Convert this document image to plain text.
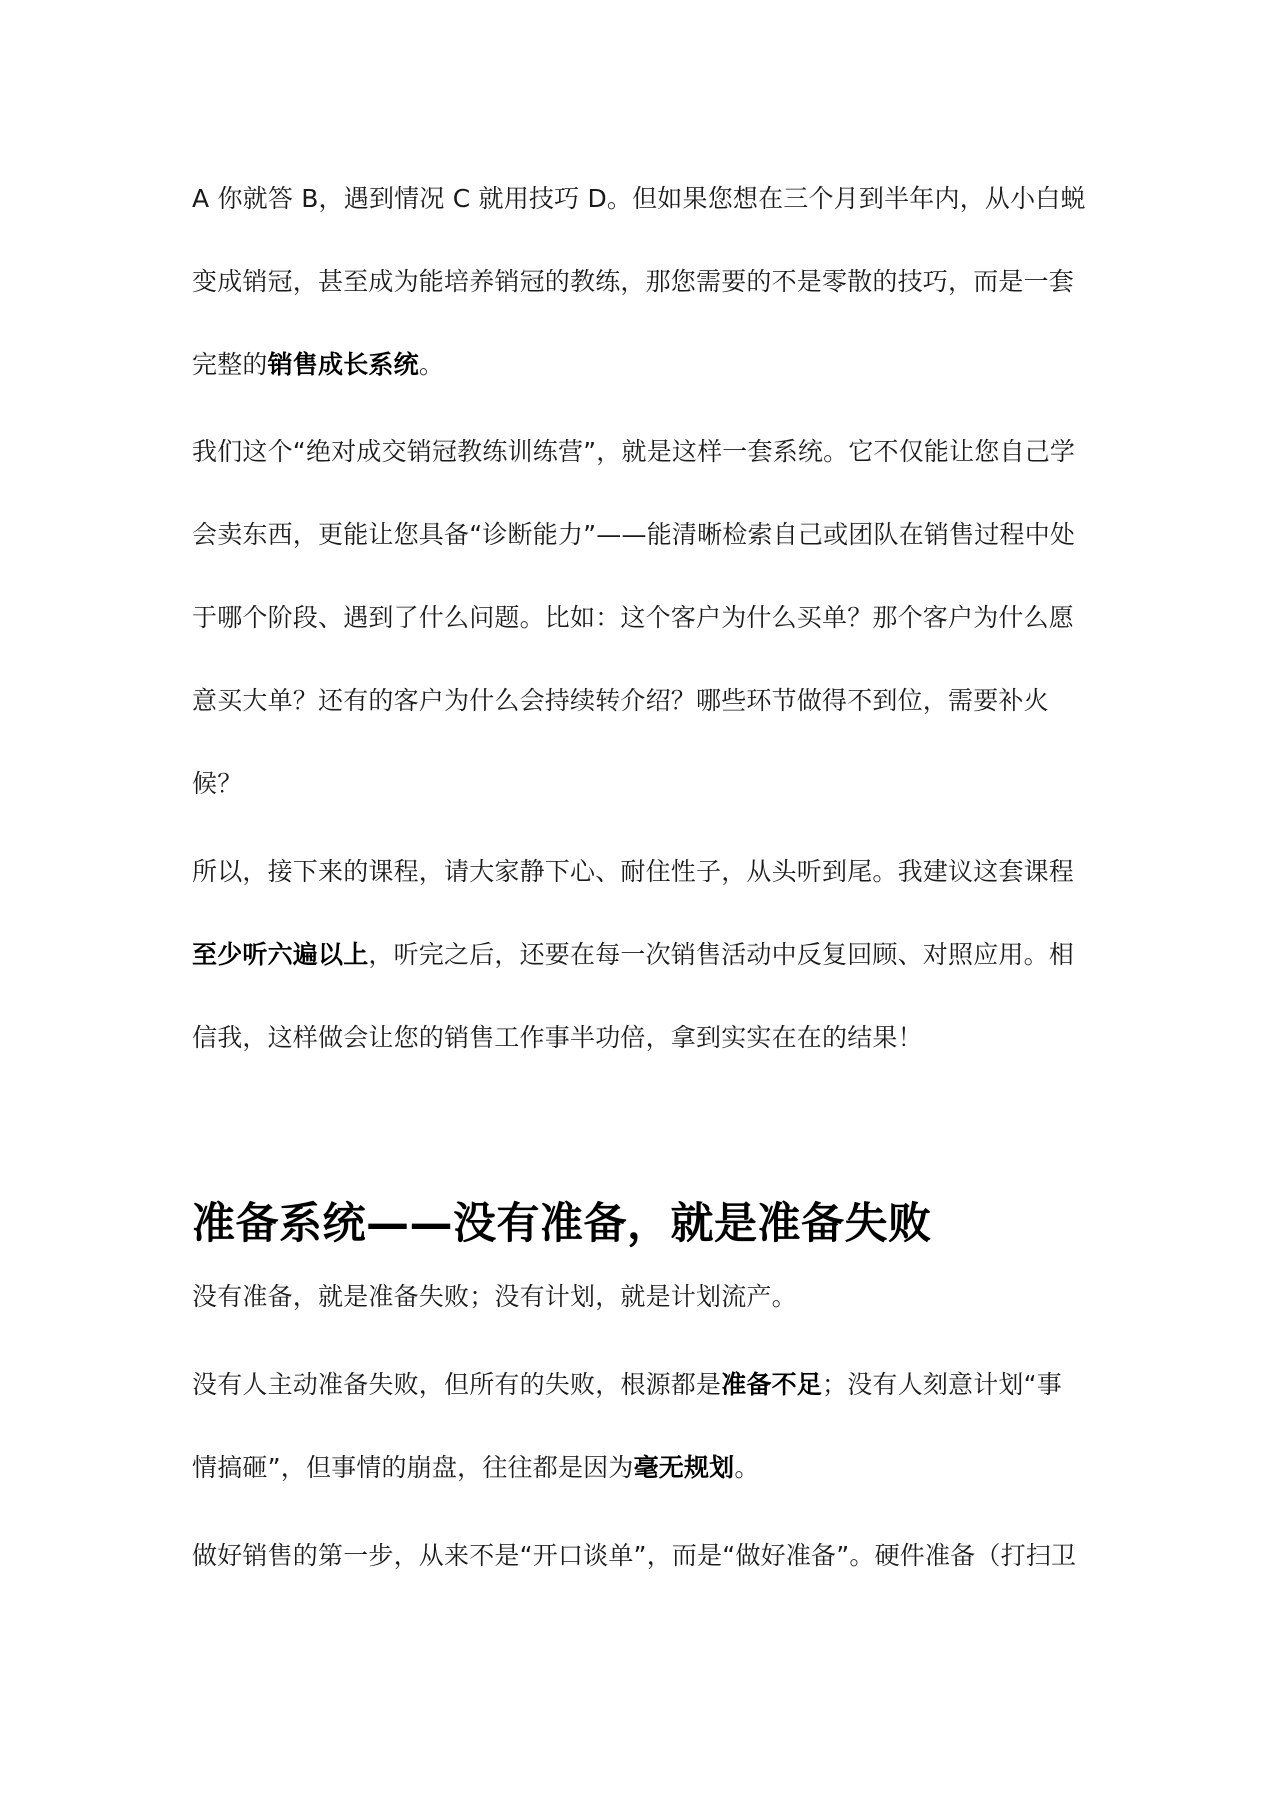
A 你就答 B，遇到情况 C 就用技巧 D。但如果您想在三个月到半年内，从小白蜕
变成销冠，甚至成为能培养销冠的教练，那您需要的不是零散的技巧，而是一套
完整的销售成长系统。
我们这个“绝对成交销冠教练训练营”，就是这样一套系统。它不仅能让您自己学
会卖东西，更能让您具备“诊断能力”——能清晰检索自己或团队在销售过程中处
于哪个阶段、遇到了什么问题。比如：这个客户为什么买单？那个客户为什么愿
意买大单？还有的客户为什么会持续转介绍？哪些环节做得不到位，需要补火
候？
所以，接下来的课程，请大家静下心、耐住性子，从头听到尾。我建议这套课程
至少听六遍以上，听完之后，还要在每一次销售活动中反复回顾、对照应用。相
信我，这样做会让您的销售工作事半功倍，拿到实实在在的结果！
准备系统——没有准备，就是准备失败
没有准备，就是准备失败；没有计划，就是计划流产。
没有人主动准备失败，但所有的失败，根源都是准备不足；没有人刻意计划“事
情搞砸”，但事情的崩盘，往往都是因为毫无规划。
做好销售的第一步，从来不是“开口谈单”，而是“做好准备”。硬件准备（打扫卫
